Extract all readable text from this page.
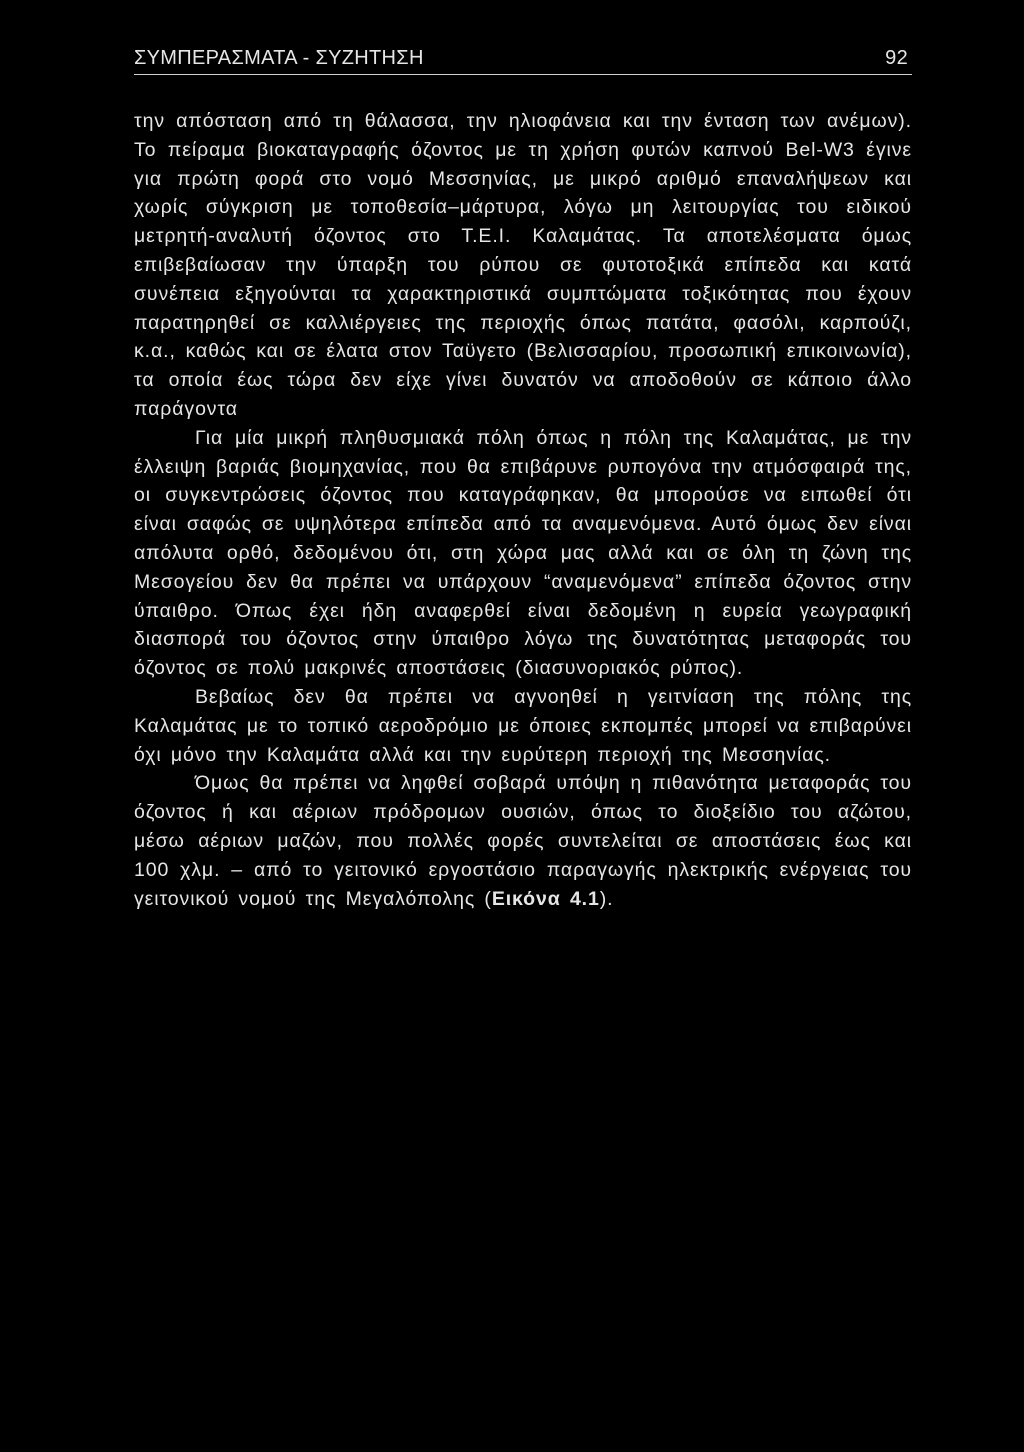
ΣΥΜΠΕΡΑΣΜΑΤΑ - ΣΥΖΗΤΗΣΗ	92

την απόσταση από τη θάλασσα, την ηλιοφάνεια και την ένταση των ανέμων). Το πείραμα βιοκαταγραφής όζοντος με τη χρήση φυτών καπνού Bel-W3 έγινε για πρώτη φορά στο νομό Μεσσηνίας, με μικρό αριθμό επαναλήψεων και χωρίς σύγκριση με τοποθεσία–μάρτυρα, λόγω μη λειτουργίας του ειδικού μετρητή-αναλυτή όζοντος στο Τ.Ε.Ι. Καλαμάτας. Τα αποτελέσματα όμως επιβεβαίωσαν την ύπαρξη του ρύπου σε φυτοτοξικά επίπεδα και κατά συνέπεια εξηγούνται τα χαρακτηριστικά συμπτώματα τοξικότητας που έχουν παρατηρηθεί σε καλλιέργειες της περιοχής όπως πατάτα, φασόλι, καρπούζι, κ.α., καθώς και σε έλατα στον Ταϋγετο (Βελισσαρίου, προσωπική επικοινωνία), τα οποία έως τώρα δεν είχε γίνει δυνατόν να αποδοθούν σε κάποιο άλλο παράγοντα

Για μία μικρή πληθυσμιακά πόλη όπως η πόλη της Καλαμάτας, με την έλλειψη βαριάς βιομηχανίας, που θα επιβάρυνε ρυπογόνα την ατμόσφαιρά της, οι συγκεντρώσεις όζοντος που καταγράφηκαν, θα μπορούσε να ειπωθεί ότι είναι σαφώς σε υψηλότερα επίπεδα από τα αναμενόμενα. Αυτό όμως δεν είναι απόλυτα ορθό, δεδομένου ότι, στη χώρα μας αλλά και σε όλη τη ζώνη της Μεσογείου δεν θα πρέπει να υπάρχουν “αναμενόμενα” επίπεδα όζοντος στην ύπαιθρο. Όπως έχει ήδη αναφερθεί είναι δεδομένη η ευρεία γεωγραφική διασπορά του όζοντος στην ύπαιθρο λόγω της δυνατότητας μεταφοράς του όζοντος σε πολύ μακρινές αποστάσεις (διασυνοριακός ρύπος).

Βεβαίως δεν θα πρέπει να αγνοηθεί η γειτνίαση της πόλης της Καλαμάτας με το τοπικό αεροδρόμιο με όποιες εκπομπές μπορεί να επιβαρύνει όχι μόνο την Καλαμάτα αλλά και την ευρύτερη περιοχή της Μεσσηνίας.

Όμως θα πρέπει να ληφθεί σοβαρά υπόψη η πιθανότητα μεταφοράς του όζοντος ή και αέριων πρόδρομων ουσιών, όπως το διοξείδιο του αζώτου, μέσω αέριων μαζών, που πολλές φορές συντελείται σε αποστάσεις έως και 100 χλμ. – από το γειτονικό εργοστάσιο παραγωγής ηλεκτρικής ενέργειας του γειτονικού νομού της Μεγαλόπολης (Εικόνα 4.1).
